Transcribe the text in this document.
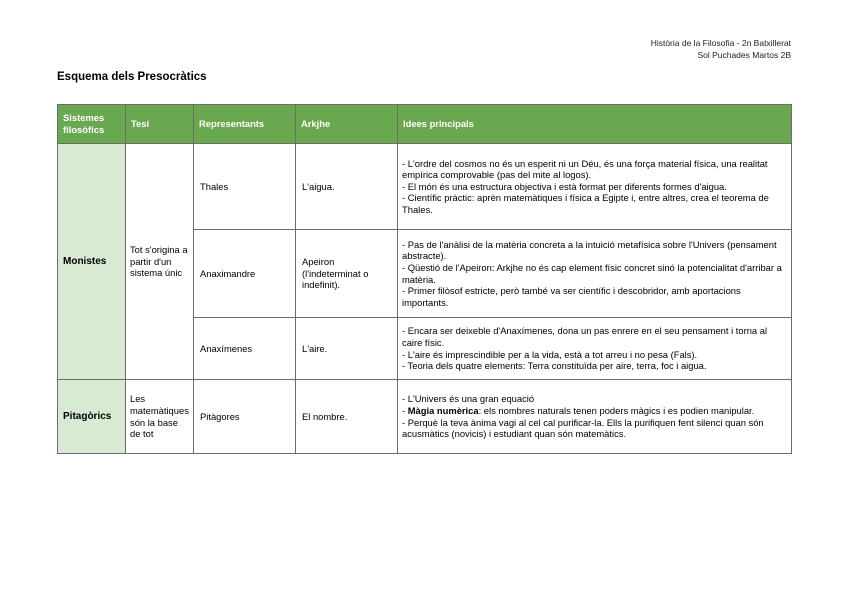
Història de la Filosofia - 2n Batxillerat
Sol Puchades Martos 2B
Esquema dels Presocràtics
Sistemes filosòfics	Tesi	Representants	Arkjhe	Idees principals
Monistes	Tot s'origina a partir d'un sistema únic	Thales	L'aigua.	- L'ordre del cosmos no és un esperit ni un Déu, és una força material física, una realitat empírica comprovable (pas del mite al logos).
- El món és una estructura objectiva i està format per diferents formes d'aigua.
- Científic pràctic: aprèn matemàtiques i física a Egipte i, entre altres, crea el teorema de Thales.

		Anaximandre	Apeiron (l'indeterminat o indefinit).	- Pas de l'anàlisi de la matèria concreta a la intuició metafísica sobre l'Univers (pensament abstracte).
- Qüestió de l'Apeiron: Arkjhe no és cap element físic concret sinó la potencialitat d'arribar a matèria.
- Primer filòsof estricte, però també va ser científic i descobridor, amb aportacions importants.

		Anaxímenes	L'aire.	- Encara ser deixeble d'Anaxímenes, dona un pas enrere en el seu pensament i torna al caire físic.
- L'aire és imprescindible per a la vida, està a tot arreu i no pesa (Fals).
- Teoria dels quatre elements: Terra constituïda per aire, terra, foc i aigua.

Pitagòrics	Les matemàtiques són la base de tot	Pitàgores	El nombre.	- L'Univers és una gran equació
- Màgia numèrica: els nombres naturals tenen poders màgics i es podien manipular.
- Perquè la teva ànima vagi al cel cal purificar-la. Ells la purifiquen fent silenci quan són acusmàtics (novicis) i estudiant quan són matemàtics.
